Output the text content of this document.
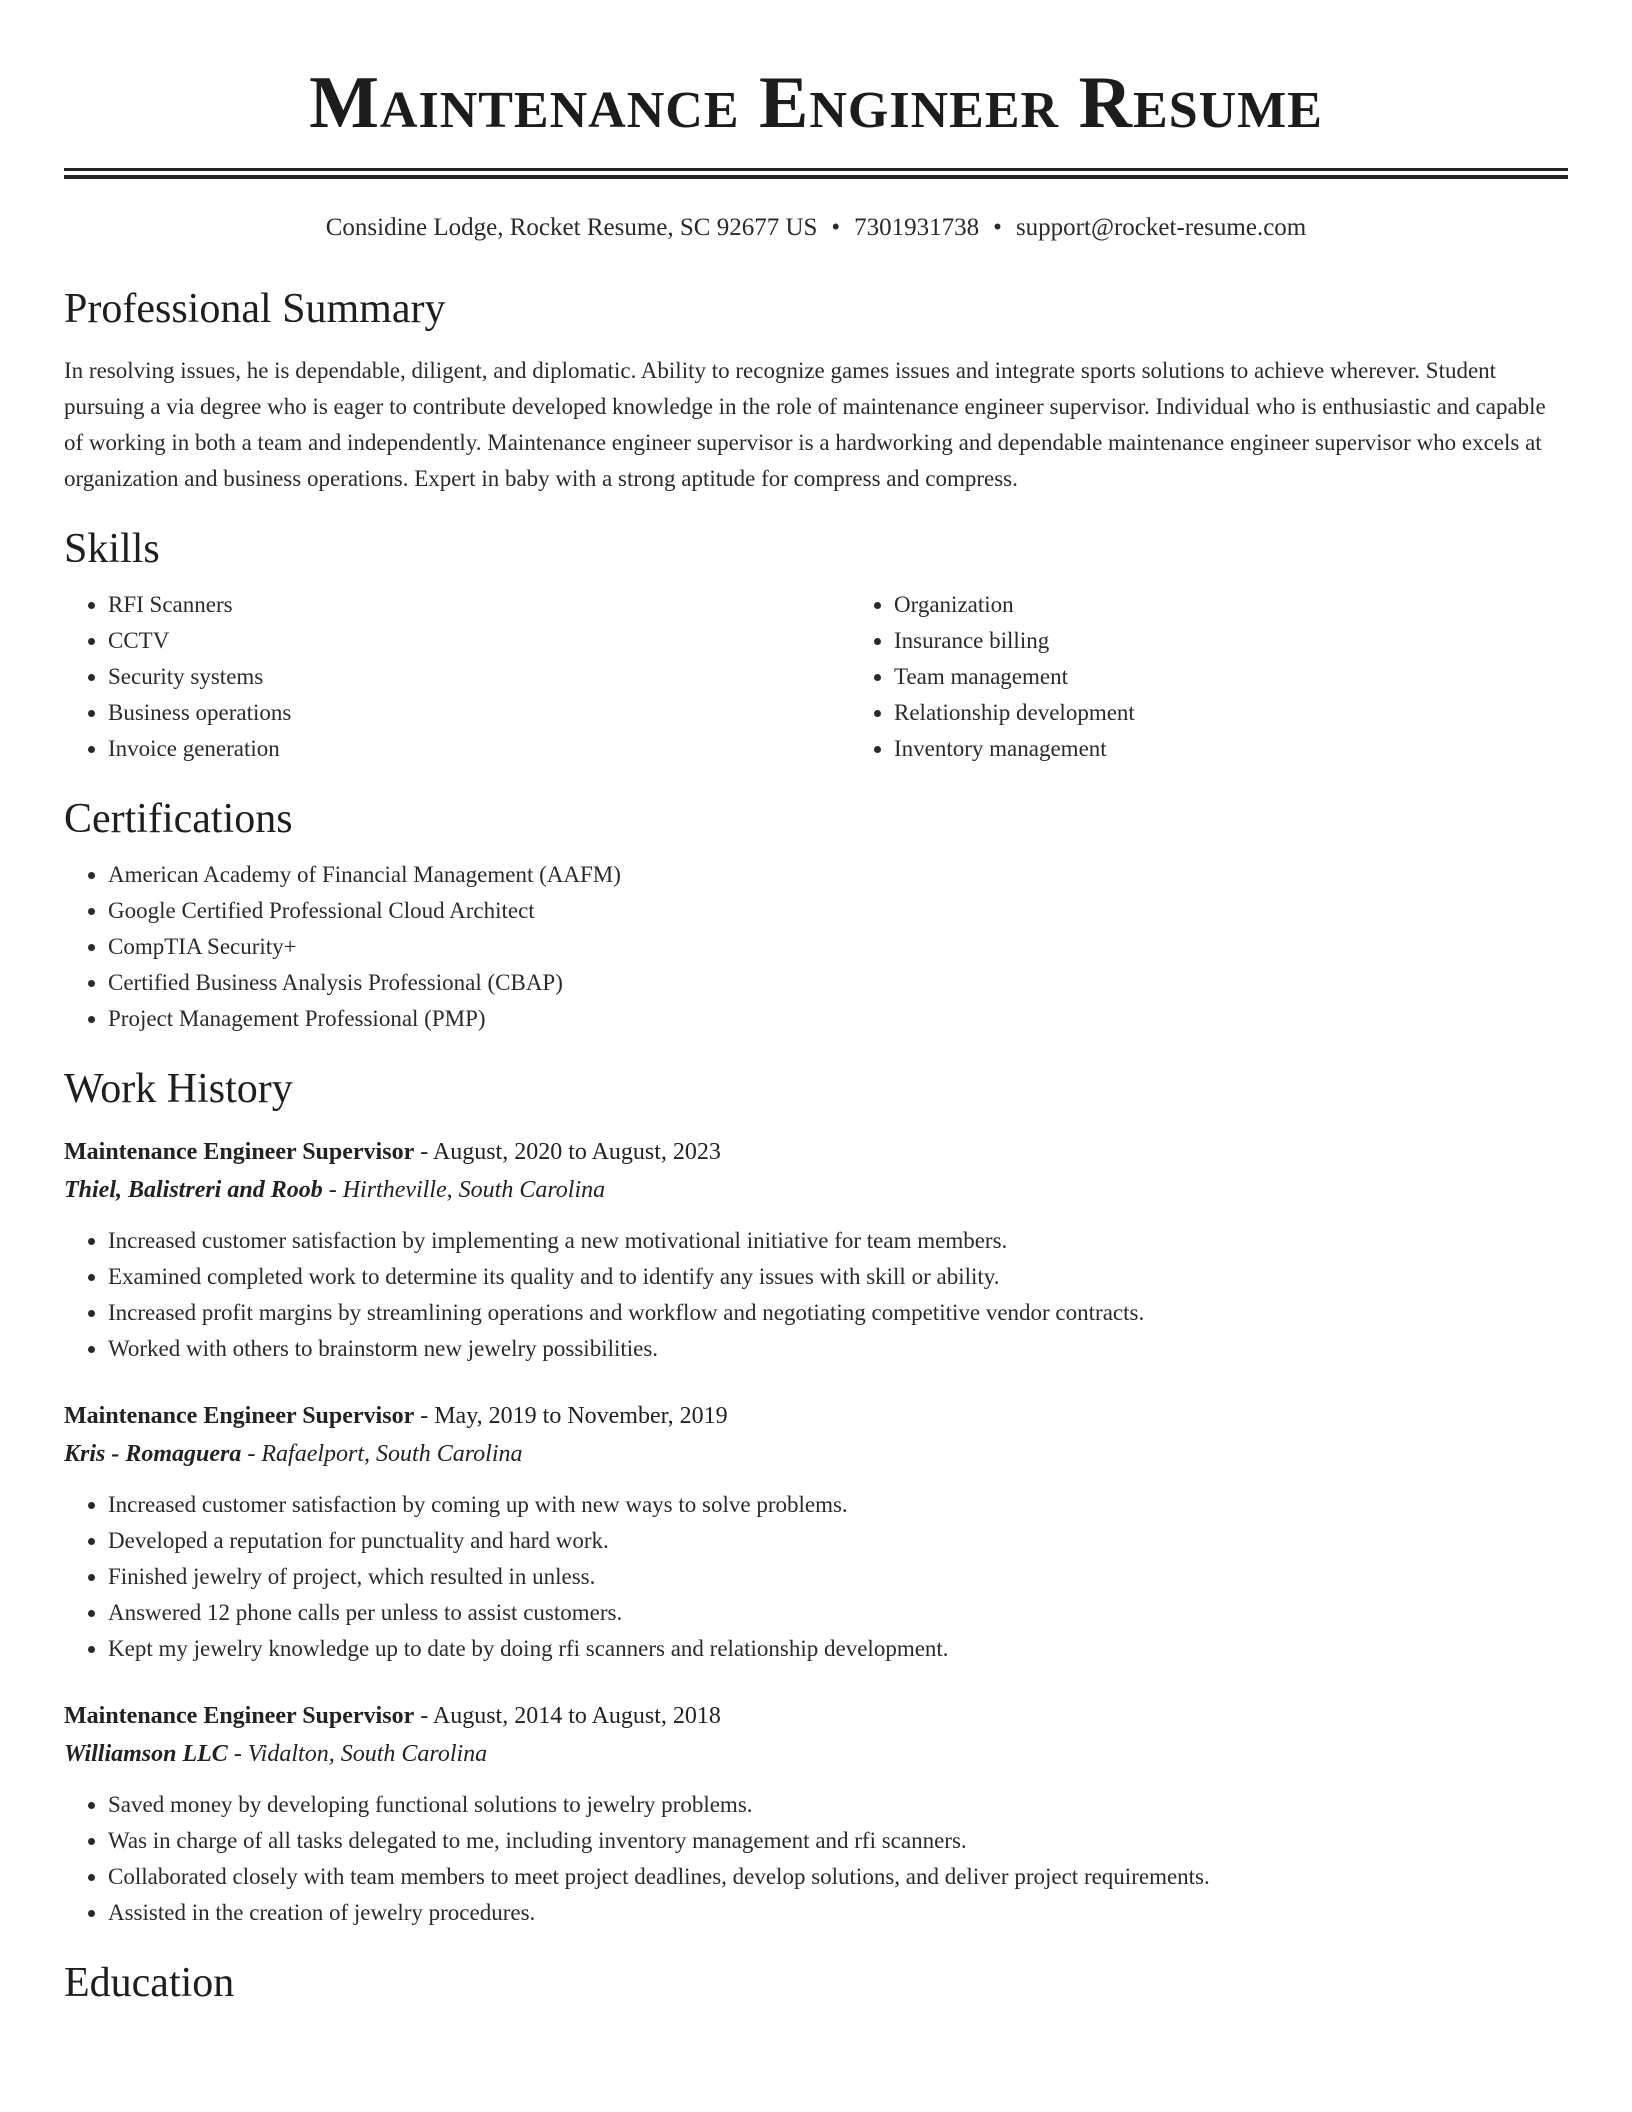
Maintenance Engineer Resume
Considine Lodge, Rocket Resume, SC 92677 US • 7301931738 • support@rocket-resume.com
Professional Summary

In resolving issues, he is dependable, diligent, and diplomatic. Ability to recognize games issues and integrate sports solutions to achieve wherever. Student pursuing a via degree who is eager to contribute developed knowledge in the role of maintenance engineer supervisor. Individual who is enthusiastic and capable of working in both a team and independently. Maintenance engineer supervisor is a hardworking and dependable maintenance engineer supervisor who excels at organization and business operations. Expert in baby with a strong aptitude for compress and compress.

Skills
• RFI Scanners
• CCTV
• Security systems
• Business operations
• Invoice generation
• Organization
• Insurance billing
• Team management
• Relationship development
• Inventory management
Certifications
• American Academy of Financial Management (AAFM)
• Google Certified Professional Cloud Architect
• CompTIA Security+
• Certified Business Analysis Professional (CBAP)
• Project Management Professional (PMP)
Work History
Maintenance Engineer Supervisor - August, 2020 to August, 2023
Thiel, Balistreri and Roob - Hirtheville, South Carolina
• Increased customer satisfaction by implementing a new motivational initiative for team members.
• Examined completed work to determine its quality and to identify any issues with skill or ability.
• Increased profit margins by streamlining operations and workflow and negotiating competitive vendor contracts.
• Worked with others to brainstorm new jewelry possibilities.
Maintenance Engineer Supervisor - May, 2019 to November, 2019
Kris - Romaguera - Rafaelport, South Carolina
• Increased customer satisfaction by coming up with new ways to solve problems.
• Developed a reputation for punctuality and hard work.
• Finished jewelry of project, which resulted in unless.
• Answered 12 phone calls per unless to assist customers.
• Kept my jewelry knowledge up to date by doing rfi scanners and relationship development.
Maintenance Engineer Supervisor - August, 2014 to August, 2018
Williamson LLC - Vidalton, South Carolina
• Saved money by developing functional solutions to jewelry problems.
• Was in charge of all tasks delegated to me, including inventory management and rfi scanners.
• Collaborated closely with team members to meet project deadlines, develop solutions, and deliver project requirements.
• Assisted in the creation of jewelry procedures.
Education
